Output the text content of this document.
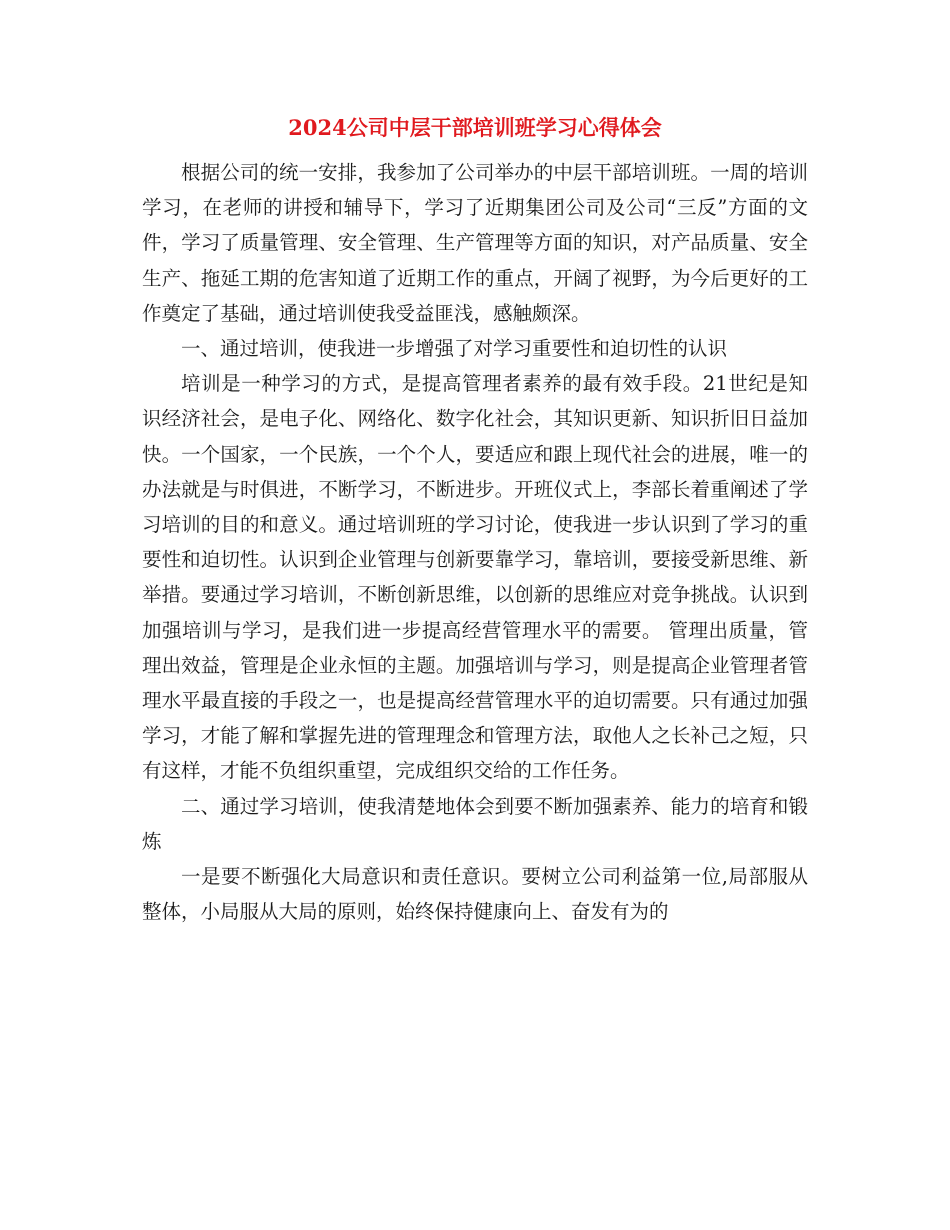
2024公司中层干部培训班学习心得体会

根据公司的统一安排，我参加了公司举办的中层干部培训班。一周的培训学习，在老师的讲授和辅导下，学习了近期集团公司及公司“三反”方面的文件，学习了质量管理、安全管理、生产管理等方面的知识，对产品质量、安全生产、拖延工期的危害知道了近期工作的重点，开阔了视野，为今后更好的工作奠定了基础，通过培训使我受益匪浅，感触颇深。

一、通过培训，使我进一步增强了对学习重要性和迫切性的认识

培训是一种学习的方式，是提高管理者素养的最有效手段。21世纪是知识经济社会，是电子化、网络化、数字化社会，其知识更新、知识折旧日益加快。一个国家，一个民族，一个个人，要适应和跟上现代社会的进展，唯一的办法就是与时俱进，不断学习，不断进步。开班仪式上，李部长着重阐述了学习培训的目的和意义。通过培训班的学习讨论，使我进一步认识到了学习的重要性和迫切性。认识到企业管理与创新要靠学习，靠培训，要接受新思维、新举措。要通过学习培训，不断创新思维，以创新的思维应对竞争挑战。认识到加强培训与学习，是我们进一步提高经营管理水平的需要。 管理出质量，管理出效益，管理是企业永恒的主题。加强培训与学习，则是提高企业管理者管理水平最直接的手段之一，也是提高经营管理水平的迫切需要。只有通过加强学习，才能了解和掌握先进的管理理念和管理方法，取他人之长补己之短，只有这样，才能不负组织重望，完成组织交给的工作任务。

二、通过学习培训，使我清楚地体会到要不断加强素养、能力的培育和锻炼

一是要不断强化大局意识和责任意识。要树立公司利益第一位,局部服从整体，小局服从大局的原则，始终保持健康向上、奋发有为的
